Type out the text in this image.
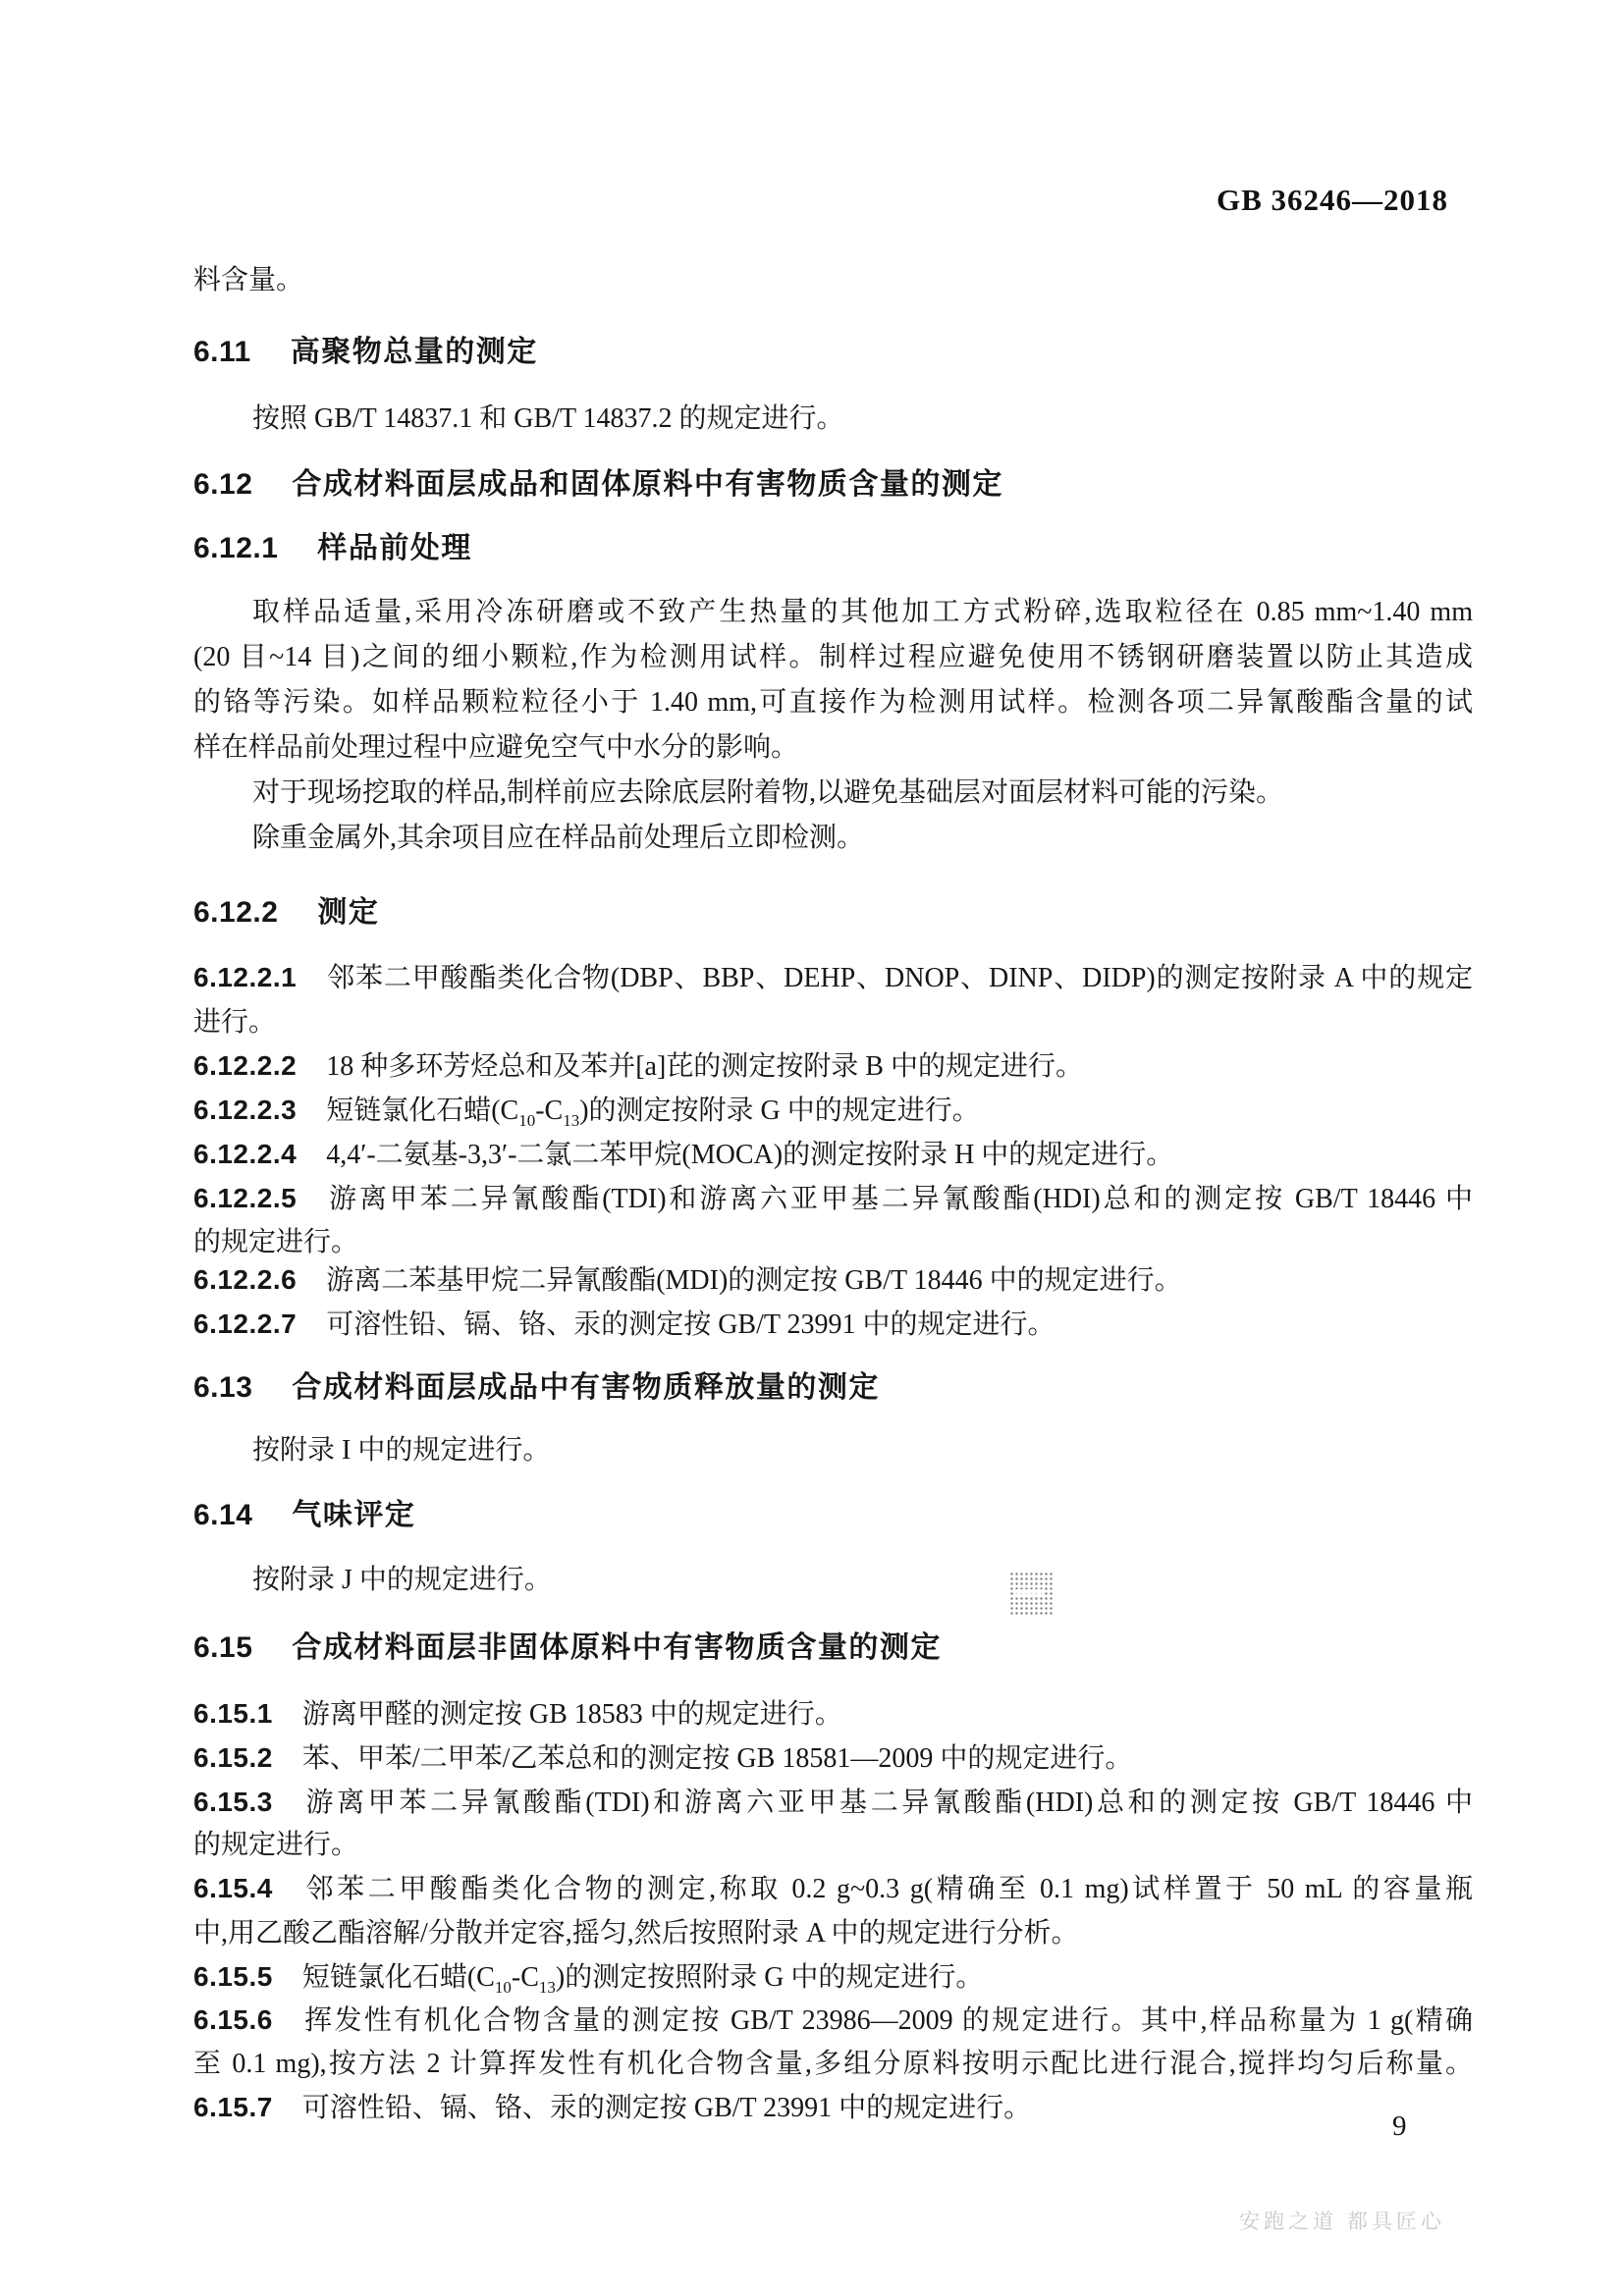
GB 36246—2018
料含量。
6.11 高聚物总量的测定
按照 GB/T 14837.1 和 GB/T 14837.2 的规定进行。
6.12 合成材料面层成品和固体原料中有害物质含量的测定
6.12.1 样品前处理
取样品适量,采用冷冻研磨或不致产生热量的其他加工方式粉碎,选取粒径在 0.85 mm~1.40 mm
(20 目~14 目)之间的细小颗粒,作为检测用试样。制样过程应避免使用不锈钢研磨装置以防止其造成
的铬等污染。如样品颗粒粒径小于 1.40 mm,可直接作为检测用试样。检测各项二异氰酸酯含量的试
样在样品前处理过程中应避免空气中水分的影响。
对于现场挖取的样品,制样前应去除底层附着物,以避免基础层对面层材料可能的污染。
除重金属外,其余项目应在样品前处理后立即检测。
6.12.2 测定
6.12.2.1 邻苯二甲酸酯类化合物(DBP、BBP、DEHP、DNOP、DINP、DIDP)的测定按附录 A 中的规定
进行。
6.12.2.2 18 种多环芳烃总和及苯并[a]芘的测定按附录 B 中的规定进行。
6.12.2.3 短链氯化石蜡$(C_{10}-C_{13})$的测定按附录 G 中的规定进行。
6.12.2.4 4,4′-二氨基-3,3′-二氯二苯甲烷(MOCA)的测定按附录 H 中的规定进行。
6.12.2.5 游离甲苯二异氰酸酯(TDI)和游离六亚甲基二异氰酸酯(HDI)总和的测定按 GB/T 18446 中
的规定进行。
6.12.2.6 游离二苯基甲烷二异氰酸酯(MDI)的测定按 GB/T 18446 中的规定进行。
6.12.2.7 可溶性铅、镉、铬、汞的测定按 GB/T 23991 中的规定进行。
6.13 合成材料面层成品中有害物质释放量的测定
按附录 I 中的规定进行。
6.14 气味评定
按附录 J 中的规定进行。
6.15 合成材料面层非固体原料中有害物质含量的测定
6.15.1 游离甲醛的测定按 GB 18583 中的规定进行。
6.15.2 苯、甲苯/二甲苯/乙苯总和的测定按 GB 18581—2009 中的规定进行。
6.15.3 游离甲苯二异氰酸酯(TDI)和游离六亚甲基二异氰酸酯(HDI)总和的测定按 GB/T 18446 中
的规定进行。
6.15.4 邻苯二甲酸酯类化合物的测定,称取 0.2 g~0.3 g(精确至 0.1 mg)试样置于 50 mL 的容量瓶
中,用乙酸乙酯溶解/分散并定容,摇匀,然后按照附录 A 中的规定进行分析。
6.15.5 短链氯化石蜡$(C_{10}-C_{13})$的测定按照附录 G 中的规定进行。
6.15.6 挥发性有机化合物含量的测定按 GB/T 23986—2009 的规定进行。其中,样品称量为 1 g(精确
至 0.1 mg),按方法 2 计算挥发性有机化合物含量,多组分原料按明示配比进行混合,搅拌均匀后称量。
6.15.7 可溶性铅、镉、铬、汞的测定按 GB/T 23991 中的规定进行。
9
安跑之道 都具匠心
